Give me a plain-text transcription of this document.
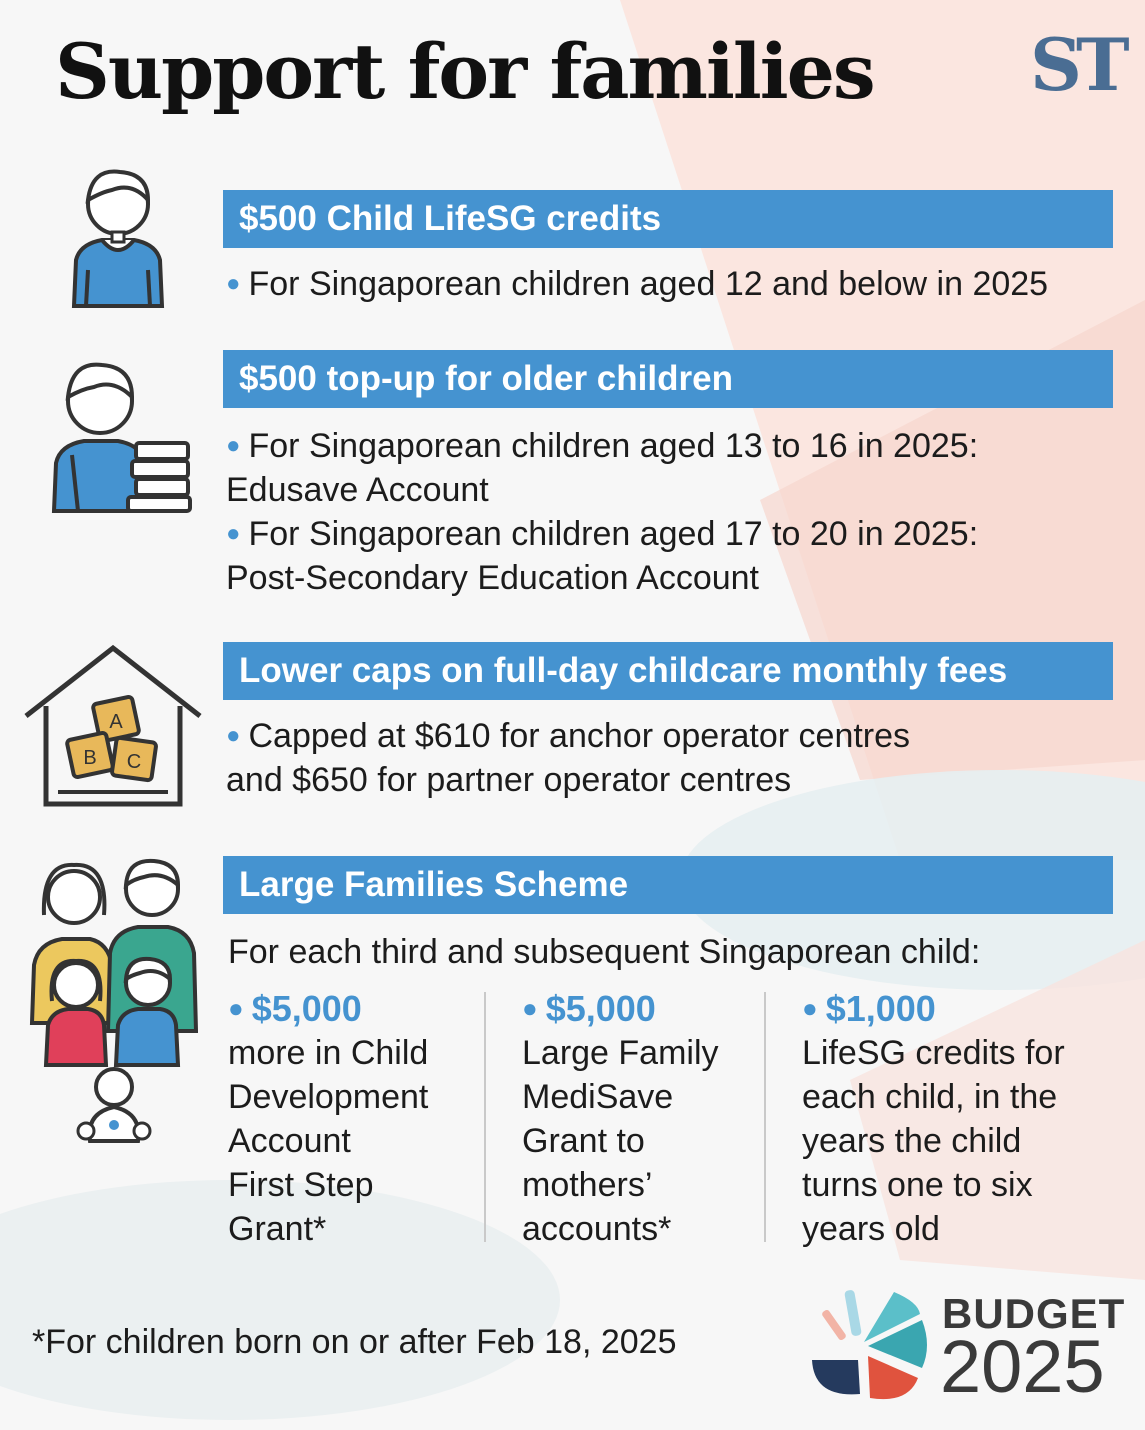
Support for families ST
A
B C
$500 Child LifeSG credits
● For Singaporean children aged 12 and below in 2025
$500 top-up for older children
● For Singaporean children aged 13 to 16 in 2025:
Edusave Account
● For Singaporean children aged 17 to 20 in 2025:
Post-Secondary Education Account
Lower caps on full-day childcare monthly fees
● Capped at $610 for anchor operator centres
and $650 for partner operator centres
Large Families Scheme
For each third and subsequent Singaporean child:
● $5,000
more in Child
Development
Account
First Step
Grant*
● $5,000
Large Family
MediSave
Grant to
mothers’
accounts*
● $1,000
LifeSG credits for
each child, in the
years the child
turns one to six
years old
*For children born on or after Feb 18, 2025
BUDGET
2025
